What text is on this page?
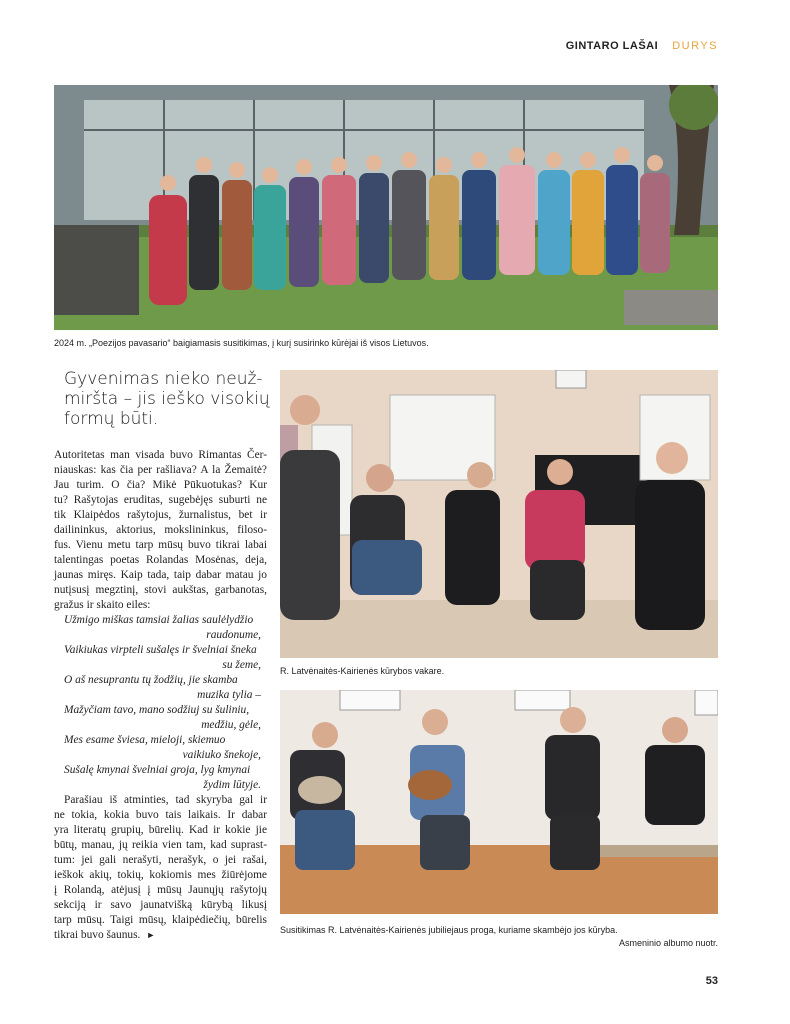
GINTARO LAŠAI DURYS
2024 m. „Poezijos pavasario“ baigiamasis susitikimas, į kurį susirinko kūrėjai iš visos Lietuvos.
Gyvenimas nieko neuž-
miršta – jis ieško visokių
formų būti.
R. Latvėnaitės-Kairienės kūrybos vakare.
Susitikimas R. Latvėnaitės-Kairienės jubiliejaus proga, kuriame skambėjo jos kūryba.
Asmeninio albumo nuotr.
Autoritetas man visada buvo Rimantas Čer-
niauskas: kas čia per rašliava? A la Žemaitė?
Jau turim. O čia? Mikė Pūkuotukas? Kur
tu? Rašytojas eruditas, sugebėjęs suburti ne
tik Klaipėdos rašytojus, žurnalistus, bet ir
dailininkus, aktorius, mokslininkus, filoso-
fus. Vienu metu tarp mūsų buvo tikrai labai
talentingas poetas Rolandas Mosėnas, deja,
jaunas miręs. Kaip tada, taip dabar matau jo
nutįsusį megztinį, stovi aukštas, garbanotas,
gražus ir skaito eiles:
Užmigo miškas tamsiai žalias saulėlydžio
raudonume,
Vaikiukas virpteli sušalęs ir švelniai šneka
su žeme,
O aš nesuprantu tų žodžių, jie skamba
muzika tylia –
Mažyčiam tavo, mano sodžiuj su šuliniu,
medžiu, gėle,
Mes esame šviesa, mieloji, skiemuo
vaikiuko šnekoje,
Sušalę kmynai švelniai groja, lyg kmynai
žydim lūtyje.
Parašiau iš atminties, tad skyryba gal ir
ne tokia, kokia buvo tais laikais. Ir dabar
yra literatų grupių, būrelių. Kad ir kokie jie
būtų, manau, jų reikia vien tam, kad suprast-
tum: jei gali nerašyti, nerašyk, o jei rašai,
ieškok akių, tokių, kokiomis mes žiūrėjome
į Rolandą, atėjusį į mūsų Jaunųjų rašytojų
sekciją ir savo jaunatvišką kūrybą likusį
tarp mūsų. Taigi mūsų, klaipėdiečių, būrelis
tikrai buvo šaunus. ►
53
